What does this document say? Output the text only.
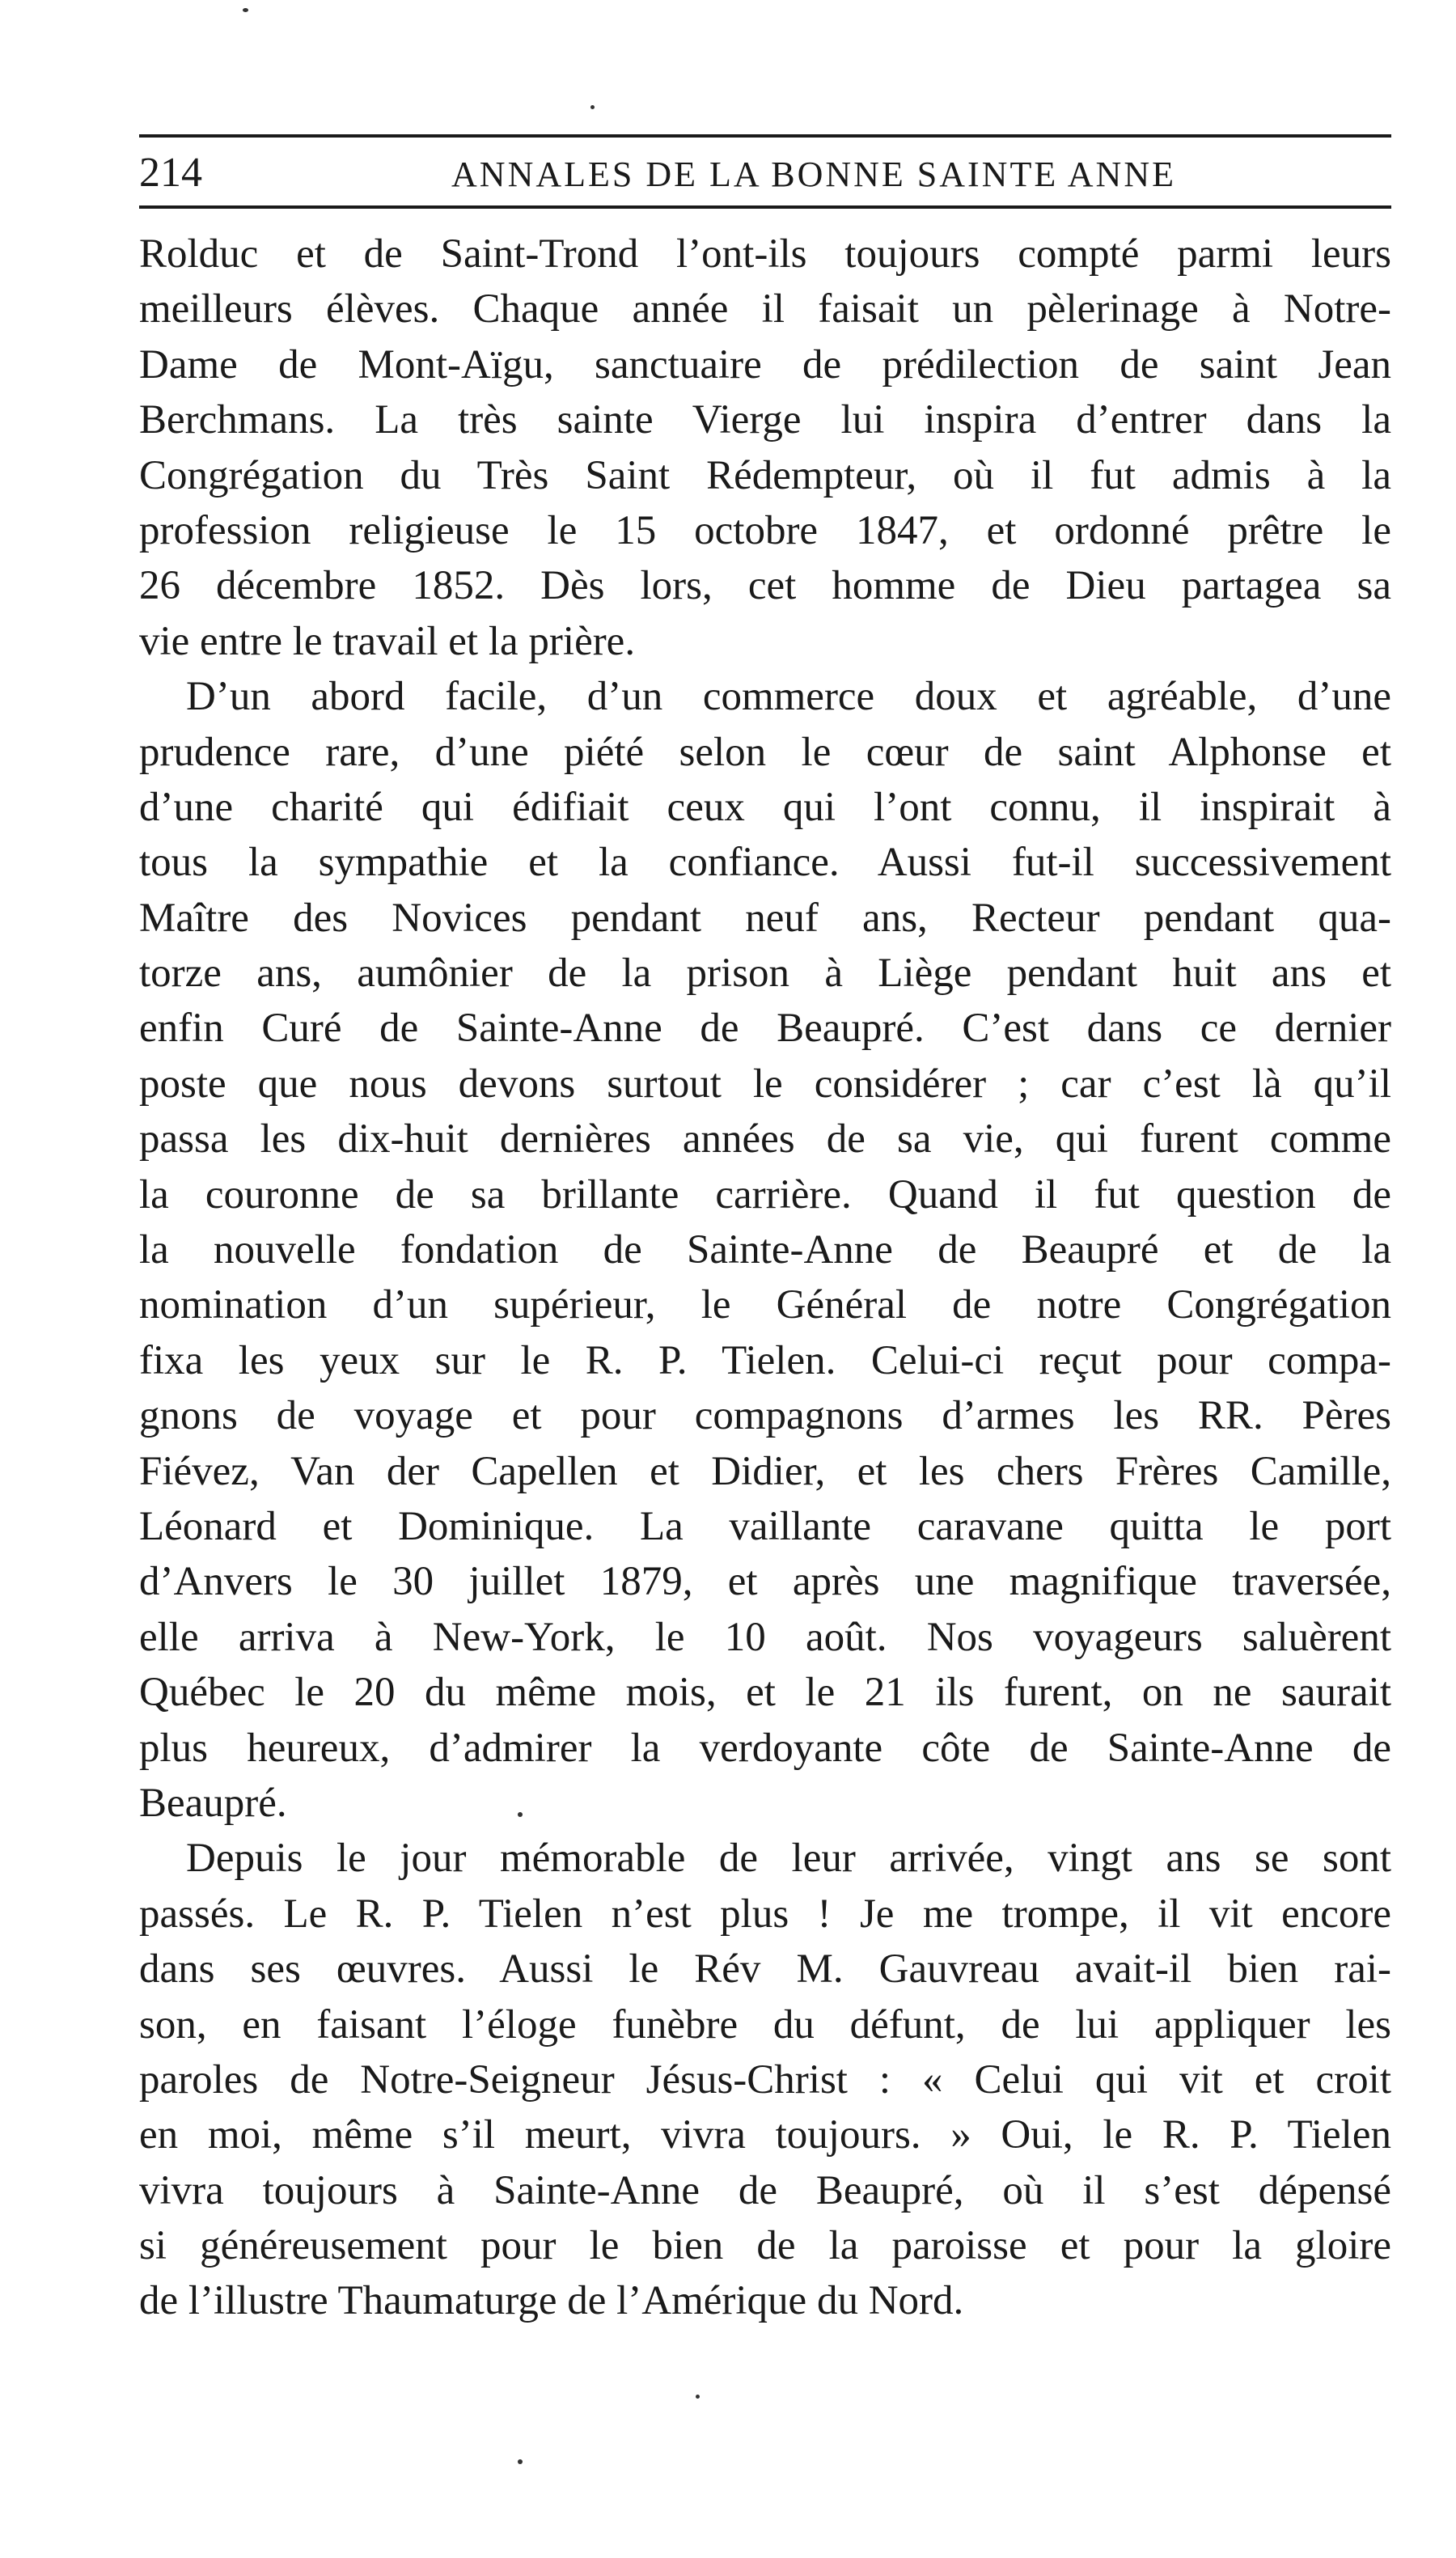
214	ANNALES DE LA BONNE SAINTE ANNE
Rolduc et de Saint-Trond l’ont-ils toujours compté parmi leurs
meilleurs élèves. Chaque année il faisait un pèlerinage à Notre-
Dame de Mont-Aïgu, sanctuaire de prédilection de saint Jean
Berchmans. La très sainte Vierge lui inspira d’entrer dans la
Congrégation du Très Saint Rédempteur, où il fut admis à la
profession religieuse le 15 octobre 1847, et ordonné prêtre le
26 décembre 1852. Dès lors, cet homme de Dieu partagea sa
vie entre le travail et la prière.
D’un abord facile, d’un commerce doux et agréable, d’une
prudence rare, d’une piété selon le cœur de saint Alphonse et
d’une charité qui édifiait ceux qui l’ont connu, il inspirait à
tous la sympathie et la confiance. Aussi fut-il successivement
Maître des Novices pendant neuf ans, Recteur pendant qua-
torze ans, aumônier de la prison à Liège pendant huit ans et
enfin Curé de Sainte-Anne de Beaupré. C’est dans ce dernier
poste que nous devons surtout le considérer ; car c’est là qu’il
passa les dix-huit dernières années de sa vie, qui furent comme
la couronne de sa brillante carrière. Quand il fut question de
la nouvelle fondation de Sainte-Anne de Beaupré et de la
nomination d’un supérieur, le Général de notre Congrégation
fixa les yeux sur le R. P. Tielen. Celui-ci reçut pour compa-
gnons de voyage et pour compagnons d’armes les RR. Pères
Fiévez, Van der Capellen et Didier, et les chers Frères Camille,
Léonard et Dominique. La vaillante caravane quitta le port
d’Anvers le 30 juillet 1879, et après une magnifique traversée,
elle arriva à New-York, le 10 août. Nos voyageurs saluèrent
Québec le 20 du même mois, et le 21 ils furent, on ne saurait
plus heureux, d’admirer la verdoyante côte de Sainte-Anne de
Beaupré.
Depuis le jour mémorable de leur arrivée, vingt ans se sont
passés. Le R. P. Tielen n’est plus ! Je me trompe, il vit encore
dans ses œuvres. Aussi le Rév M. Gauvreau avait-il bien rai-
son, en faisant l’éloge funèbre du défunt, de lui appliquer les
paroles de Notre-Seigneur Jésus-Christ : « Celui qui vit et croit
en moi, même s’il meurt, vivra toujours. » Oui, le R. P. Tielen
vivra toujours à Sainte-Anne de Beaupré, où il s’est dépensé
si généreusement pour le bien de la paroisse et pour la gloire
de l’illustre Thaumaturge de l’Amérique du Nord.
